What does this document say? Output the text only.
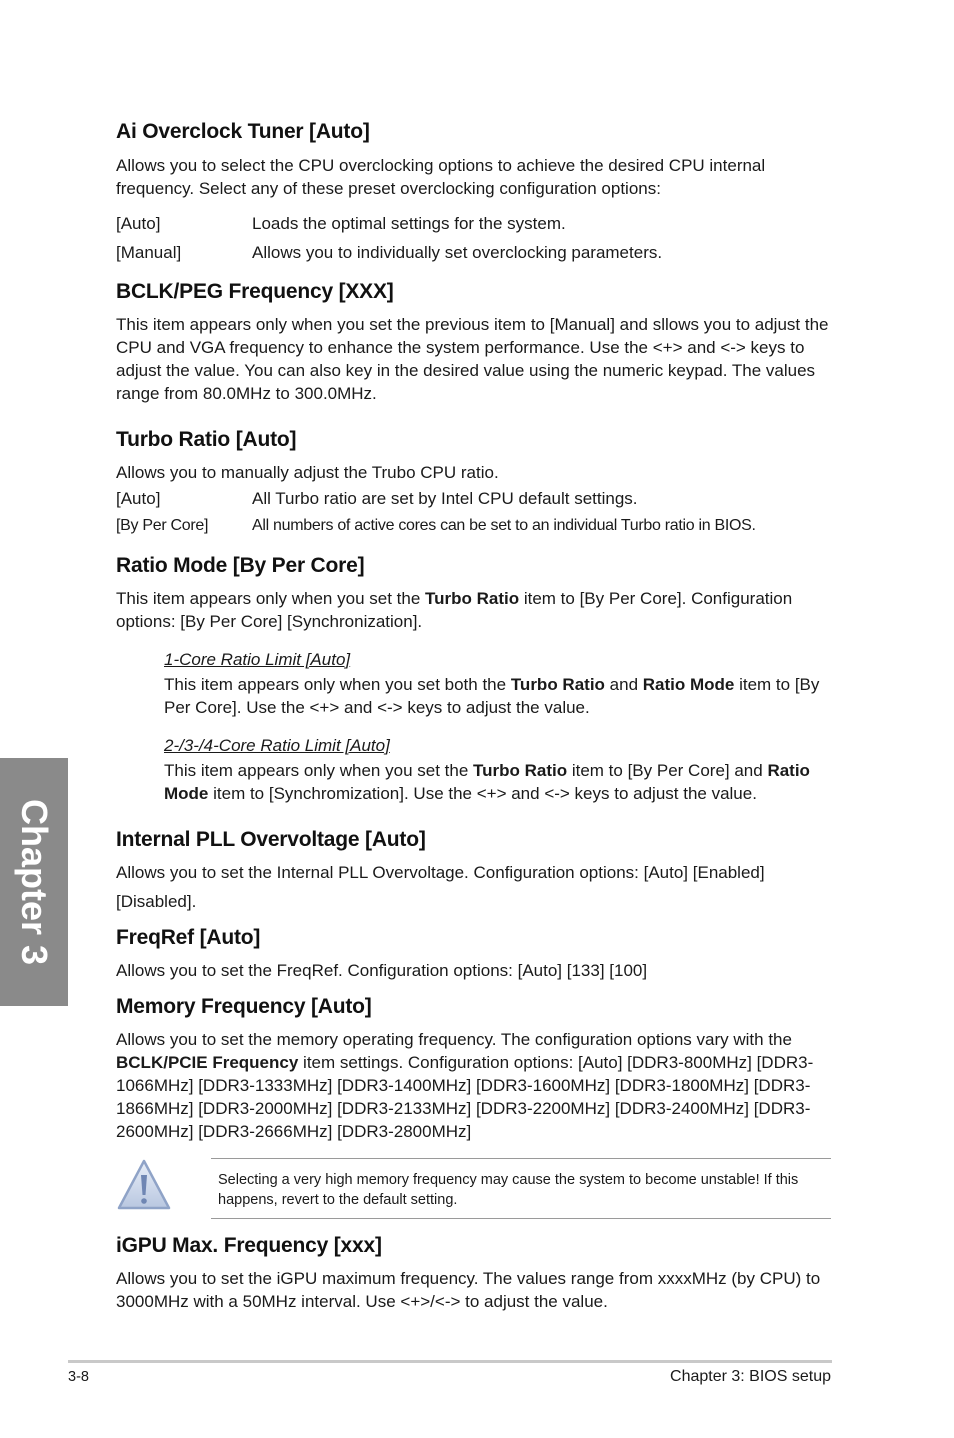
Chapter 3
Ai Overclock Tuner [Auto]
Allows you to select the CPU overclocking options to achieve the desired CPU internal frequency. Select any of these preset overclocking configuration options:
[Auto]	Loads the optimal settings for the system.
[Manual]	Allows you to individually set overclocking parameters.
BCLK/PEG Frequency [XXX]
This item appears only when you set the previous item to [Manual] and sllows you to adjust the CPU and VGA frequency to enhance the system performance. Use the <+> and <-> keys to adjust the value. You can also key in the desired value using the numeric keypad. The values range from 80.0MHz to 300.0MHz.
Turbo Ratio [Auto]
Allows you to manually adjust the Trubo CPU ratio.
[Auto]	All Turbo ratio are set by Intel CPU default settings.
[By Per Core]	All numbers of active cores can be set to an individual Turbo ratio in BIOS.
Ratio Mode [By Per Core]
This item appears only when you set the Turbo Ratio item to [By Per Core]. Configuration options: [By Per Core] [Synchronization].
1-Core Ratio Limit [Auto]
This item appears only when you set both the Turbo Ratio and Ratio Mode item to [By Per Core]. Use the <+> and <-> keys to adjust the value.
2-/3-/4-Core Ratio Limit [Auto]
This item appears only when you set the Turbo Ratio item to [By Per Core] and Ratio Mode item to [Synchromization]. Use the <+> and <-> keys to adjust the value.
Internal PLL Overvoltage [Auto]
Allows you to set the Internal PLL Overvoltage. Configuration options: [Auto] [Enabled]
[Disabled].
FreqRef [Auto]
Allows you to set the FreqRef. Configuration options: [Auto] [133] [100]
Memory Frequency [Auto]
Allows you to set the memory operating frequency. The configuration options vary with the BCLK/PCIE Frequency item settings. Configuration options: [Auto] [DDR3-800MHz] [DDR3-1066MHz] [DDR3-1333MHz] [DDR3-1400MHz] [DDR3-1600MHz] [DDR3-1800MHz] [DDR3-1866MHz] [DDR3-2000MHz] [DDR3-2133MHz] [DDR3-2200MHz] [DDR3-2400MHz] [DDR3-2600MHz] [DDR3-2666MHz] [DDR3-2800MHz]
Selecting a very high memory frequency may cause the system to become unstable! If this happens, revert to the default setting.
iGPU Max. Frequency [xxx]
Allows you to set the iGPU maximum frequency. The values range from xxxxMHz (by CPU) to 3000MHz with a 50MHz interval. Use <+>/<-> to adjust the value.
3-8	Chapter 3: BIOS setup
